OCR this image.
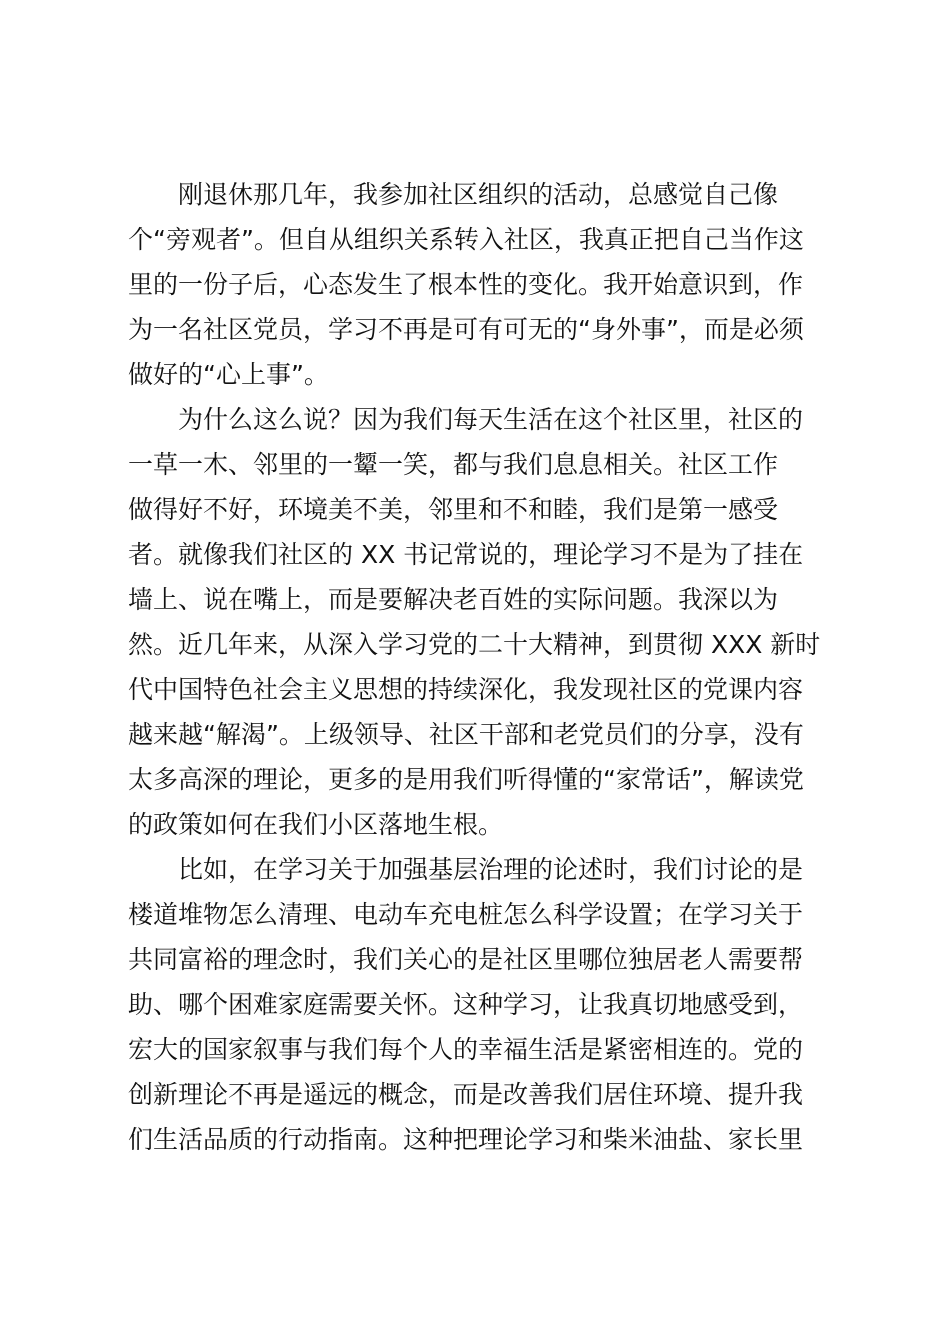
刚退休那几年，我参加社区组织的活动，总感觉自己像
个“旁观者”。但自从组织关系转入社区，我真正把自己当作这
里的一份子后，心态发生了根本性的变化。我开始意识到，作
为一名社区党员，学习不再是可有可无的“身外事”，而是必须
做好的“心上事”。
为什么这么说？因为我们每天生活在这个社区里，社区的
一草一木、邻里的一颦一笑，都与我们息息相关。社区工作
做得好不好，环境美不美，邻里和不和睦，我们是第一感受
者。就像我们社区的 XX 书记常说的，理论学习不是为了挂在
墙上、说在嘴上，而是要解决老百姓的实际问题。我深以为
然。近几年来，从深入学习党的二十大精神，到贯彻 XXX 新时
代中国特色社会主义思想的持续深化，我发现社区的党课内容
越来越“解渴”。上级领导、社区干部和老党员们的分享，没有
太多高深的理论，更多的是用我们听得懂的“家常话”，解读党
的政策如何在我们小区落地生根。
比如，在学习关于加强基层治理的论述时，我们讨论的是
楼道堆物怎么清理、电动车充电桩怎么科学设置；在学习关于
共同富裕的理念时，我们关心的是社区里哪位独居老人需要帮
助、哪个困难家庭需要关怀。这种学习，让我真切地感受到，
宏大的国家叙事与我们每个人的幸福生活是紧密相连的。党的
创新理论不再是遥远的概念，而是改善我们居住环境、提升我
们生活品质的行动指南。这种把理论学习和柴米油盐、家长里
